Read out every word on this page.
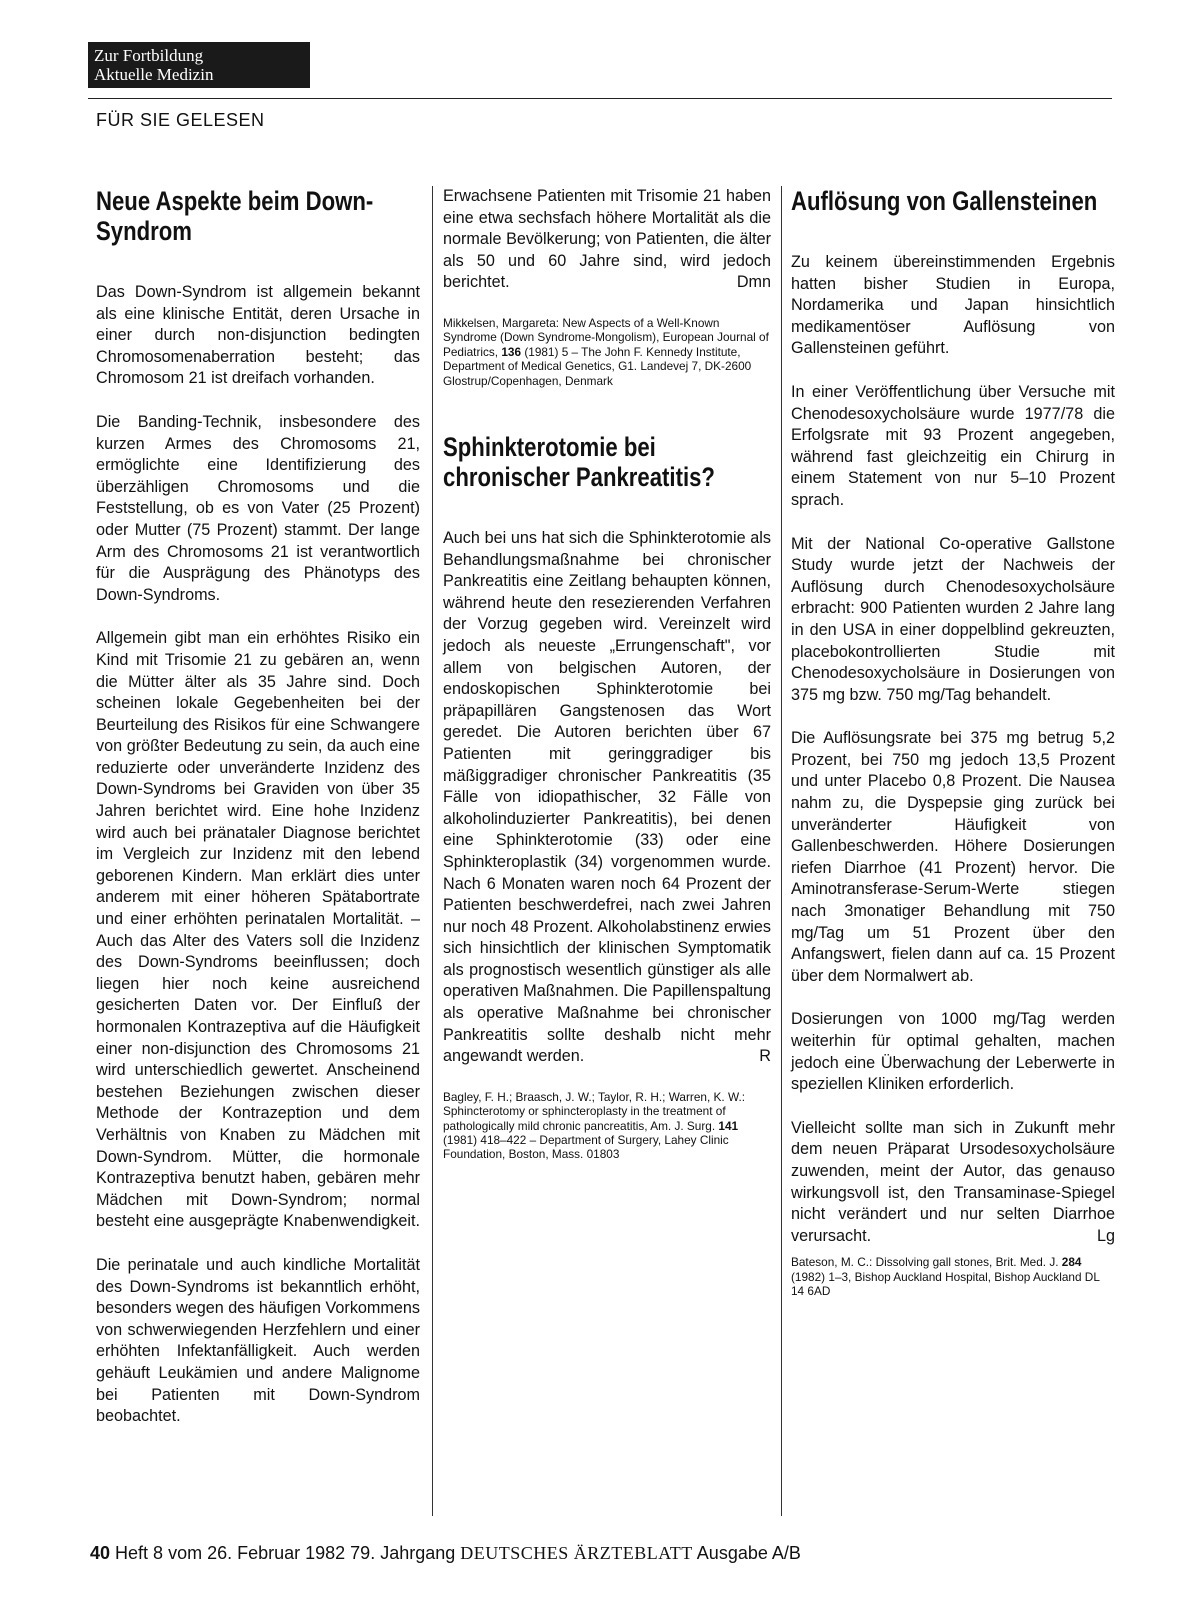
Zur Fortbildung
Aktuelle Medizin
FÜR SIE GELESEN
Neue Aspekte beim Down-Syndrom

Das Down-Syndrom ist allgemein bekannt als eine klinische Entität, deren Ursache in einer durch non-disjunction bedingten Chromosomenaberration besteht; das Chromosom 21 ist dreifach vorhanden.

Die Banding-Technik, insbesondere des kurzen Armes des Chromosoms 21, ermöglichte eine Identifizierung des überzähligen Chromosoms und die Feststellung, ob es von Vater (25 Prozent) oder Mutter (75 Prozent) stammt. Der lange Arm des Chromosoms 21 ist verantwortlich für die Ausprägung des Phänotyps des Down-Syndroms.

Allgemein gibt man ein erhöhtes Risiko ein Kind mit Trisomie 21 zu gebären an, wenn die Mütter älter als 35 Jahre sind. Doch scheinen lokale Gegebenheiten bei der Beurteilung des Risikos für eine Schwangere von größter Bedeutung zu sein, da auch eine reduzierte oder unveränderte Inzidenz des Down-Syndroms bei Graviden von über 35 Jahren berichtet wird. Eine hohe Inzidenz wird auch bei pränataler Diagnose berichtet im Vergleich zur Inzidenz mit den lebend geborenen Kindern. Man erklärt dies unter anderem mit einer höheren Spätabortrate und einer erhöhten perinatalen Mortalität. – Auch das Alter des Vaters soll die Inzidenz des Down-Syndroms beeinflussen; doch liegen hier noch keine ausreichend gesicherten Daten vor. Der Einfluß der hormonalen Kontrazeptiva auf die Häufigkeit einer non-disjunction des Chromosoms 21 wird unterschiedlich gewertet. Anscheinend bestehen Beziehungen zwischen dieser Methode der Kontrazeption und dem Verhältnis von Knaben zu Mädchen mit Down-Syndrom. Mütter, die hormonale Kontrazeptiva benutzt haben, gebären mehr Mädchen mit Down-Syndrom; normal besteht eine ausgeprägte Knabenwendigkeit.

Die perinatale und auch kindliche Mortalität des Down-Syndroms ist bekanntlich erhöht, besonders wegen des häufigen Vorkommens von schwerwiegenden Herzfehlern und einer erhöhten Infektanfälligkeit. Auch werden gehäuft Leukämien und andere Malignome bei Patienten mit Down-Syndrom beobachtet.

Erwachsene Patienten mit Trisomie 21 haben eine etwa sechsfach höhere Mortalität als die normale Bevölkerung; von Patienten, die älter als 50 und 60 Jahre sind, wird jedoch berichtet.	Dmn

Mikkelsen, Margareta: New Aspects of a Well-Known Syndrome (Down Syndrome-Mongolism), European Journal of Pediatrics, 136 (1981) 5 – The John F. Kennedy Institute, Department of Medical Genetics, G1. Landevej 7, DK-2600 Glostrup/Copenhagen, Denmark

Sphinkterotomie bei chronischer Pankreatitis?

Auch bei uns hat sich die Sphinkterotomie als Behandlungsmaßnahme bei chronischer Pankreatitis eine Zeitlang behaupten können, während heute den resezierenden Verfahren der Vorzug gegeben wird. Vereinzelt wird jedoch als neueste „Errungenschaft", vor allem von belgischen Autoren, der endoskopischen Sphinkterotomie bei präpapillären Gangstenosen das Wort geredet. Die Autoren berichten über 67 Patienten mit geringgradiger bis mäßiggradiger chronischer Pankreatitis (35 Fälle von idiopathischer, 32 Fälle von alkoholinduzierter Pankreatitis), bei denen eine Sphinkterotomie (33) oder eine Sphinkteroplastik (34) vorgenommen wurde. Nach 6 Monaten waren noch 64 Prozent der Patienten beschwerdefrei, nach zwei Jahren nur noch 48 Prozent. Alkoholabstinenz erwies sich hinsichtlich der klinischen Symptomatik als prognostisch wesentlich günstiger als alle operativen Maßnahmen. Die Papillenspaltung als operative Maßnahme bei chronischer Pankreatitis sollte deshalb nicht mehr angewandt werden.	R

Bagley, F. H.; Braasch, J. W.; Taylor, R. H.; Warren, K. W.: Sphincterotomy or sphincteroplasty in the treatment of pathologically mild chronic pancreatitis, Am. J. Surg. 141 (1981) 418–422 – Department of Surgery, Lahey Clinic Foundation, Boston, Mass. 01803

Auflösung von Gallensteinen

Zu keinem übereinstimmenden Ergebnis hatten bisher Studien in Europa, Nordamerika und Japan hinsichtlich medikamentöser Auflösung von Gallensteinen geführt.

In einer Veröffentlichung über Versuche mit Chenodesoxycholsäure wurde 1977/78 die Erfolgsrate mit 93 Prozent angegeben, während fast gleichzeitig ein Chirurg in einem Statement von nur 5–10 Prozent sprach.

Mit der National Co-operative Gallstone Study wurde jetzt der Nachweis der Auflösung durch Chenodesoxycholsäure erbracht: 900 Patienten wurden 2 Jahre lang in den USA in einer doppelblind gekreuzten, placebokontrollierten Studie mit Chenodesoxycholsäure in Dosierungen von 375 mg bzw. 750 mg/Tag behandelt.

Die Auflösungsrate bei 375 mg betrug 5,2 Prozent, bei 750 mg jedoch 13,5 Prozent und unter Placebo 0,8 Prozent. Die Nausea nahm zu, die Dyspepsie ging zurück bei unveränderter Häufigkeit von Gallenbeschwerden. Höhere Dosierungen riefen Diarrhoe (41 Prozent) hervor. Die Aminotransferase-Serum-Werte stiegen nach 3monatiger Behandlung mit 750 mg/Tag um 51 Prozent über den Anfangswert, fielen dann auf ca. 15 Prozent über dem Normalwert ab.

Dosierungen von 1000 mg/Tag werden weiterhin für optimal gehalten, machen jedoch eine Überwachung der Leberwerte in speziellen Kliniken erforderlich.

Vielleicht sollte man sich in Zukunft mehr dem neuen Präparat Ursodesoxycholsäure zuwenden, meint der Autor, das genauso wirkungsvoll ist, den Transaminase-Spiegel nicht verändert und nur selten Diarrhoe verursacht.	Lg

Bateson, M. C.: Dissolving gall stones, Brit. Med. J. 284 (1982) 1–3, Bishop Auckland Hospital, Bishop Auckland DL 14 6AD

40 Heft 8 vom 26. Februar 1982 79. Jahrgang DEUTSCHES ÄRZTEBLATT Ausgabe A/B
